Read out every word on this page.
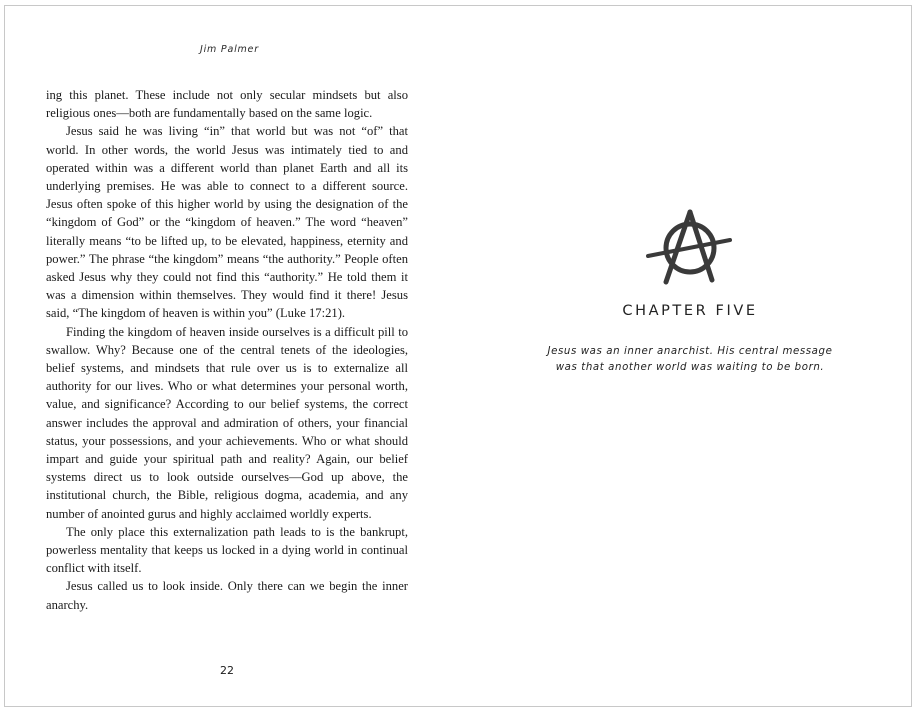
Jim Palmer

ing this planet. These include not only secular mindsets but also religious ones—both are fundamentally based on the same logic.

Jesus said he was living “in” that world but was not “of” that world. In other words, the world Jesus was intimately tied to and operated within was a different world than planet Earth and all its underlying premises. He was able to connect to a different source. Jesus often spoke of this higher world by using the designation of the “kingdom of God” or the “kingdom of heaven.” The word “heaven” literally means “to be lifted up, to be elevated, happiness, eternity and power.” The phrase “the kingdom” means “the authority.” People often asked Jesus why they could not find this “authority.” He told them it was a dimension within themselves. They would find it there! Jesus said, “The kingdom of heaven is within you” (Luke 17:21).

Finding the kingdom of heaven inside ourselves is a difficult pill to swallow. Why? Because one of the central tenets of the ideologies, belief systems, and mindsets that rule over us is to externalize all authority for our lives. Who or what determines your personal worth, value, and significance? According to our belief systems, the correct answer includes the approval and admiration of others, your financial status, your possessions, and your achievements. Who or what should impart and guide your spiritual path and reality? Again, our belief systems direct us to look outside ourselves—God up above, the institutional church, the Bible, religious dogma, academia, and any number of anointed gurus and highly acclaimed worldly experts.

The only place this externalization path leads to is the bankrupt, powerless mentality that keeps us locked in a dying world in continual conflict with itself.

Jesus called us to look inside. Only there can we begin the inner anarchy.

22
CHAPTER FIVE
Jesus was an inner anarchist. His central message
was that another world was waiting to be born.
